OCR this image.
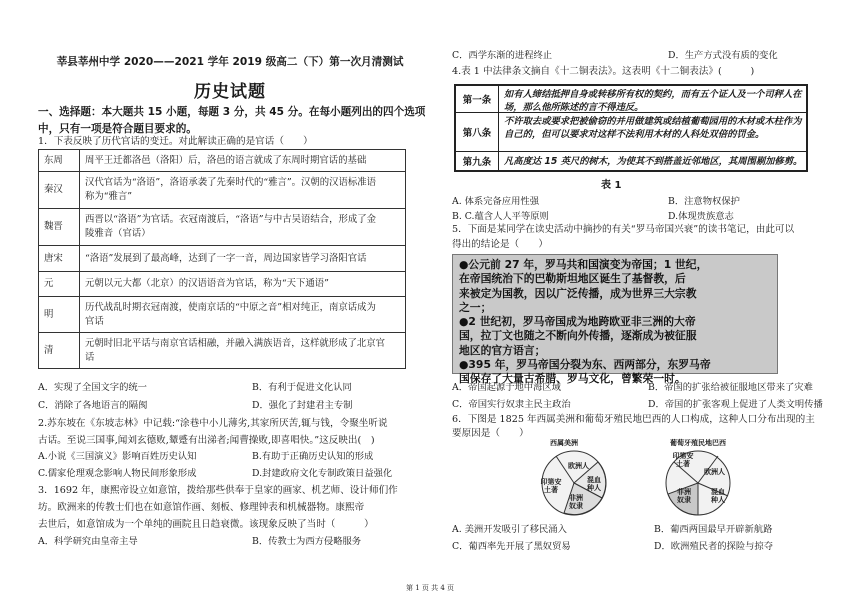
莘县莘州中学 2020——2021 学年 2019 级高二（下）第一次月清测试
历史试题
一、选择题：本大题共 15 小题，每题 3 分，共 45 分。在每小题列出的四个选项
中，只有一项是符合题目要求的。
1．下表反映了历代官话的变迁。对此解读正确的是官话（　　）
东周	周平王迁都洛邑（洛阳）后，洛邑的语言就成了东周时期官话的基础

秦汉	汉代官话为“洛语”，洛语承袭了先秦时代的“雅言”。汉朝的汉语标准语
称为“雅言”

魏晋	西晋以“洛语”为官话。衣冠南渡后，“洛语”与中古吴语结合，形成了金
陵雅音（官话）

唐宋	“洛语”发展到了最高峰，达到了一字一音，周边国家皆学习洛阳官话

元	元朝以元大都（北京）的汉语语音为官话，称为“天下通语”

明	历代战乱时期衣冠南渡，使南京话的“中原之音”相对纯正，南京话成为
官话

清	元朝时旧北平话与南京官话相融，并融入满族语音，这样就形成了北京官
话
A．实现了全国文字的统一	B．有利于促进文化认同
C．消除了各地语言的隔阂	D．强化了封建君主专制
2.苏东坡在《东坡志林》中记载:“涂巷中小儿薄劣,其家所厌苦,辄与钱，令聚坐听说
古话。至说三国事,闻刘玄德败,颦蹙有出涕者;闻曹操败,即喜唱快。”这反映出(　)
A.小说《三国演义》影响百姓历史认知	B.有助于正确历史认知的形成
C.儒家伦理观念影响人物民间形象形成	D.封建政府文化专制政策日益强化
3．1692 年，康熙帝设立如意馆，拨给那些供奉于皇家的画家、机艺师、设计师们作
坊。欧洲来的传教士们也在如意馆作画、刻板、修理钟表和机械器物。康熙帝
去世后，如意馆成为一个单纯的画院且日趋衰微。该现象反映了当时（　　　）
A．科学研究由皇帝主导	B．传教士为西方侵略服务
C．西学东渐的进程终止	D．生产方式没有质的变化
4.表 1 中法律条文摘自《十二铜表法》。这表明《十二铜表法》(　　　)
第一条
如有人缔结抵押自身或转移所有权的契约，而有五个证人及一个司秤人在场，那么他所陈述的言不得违反。
第八条
不许取去或要求把被偷窃的并用做建筑或结植葡萄园用的木材或木柱作为自己的，但可以要求对这样不法利用木材的人科处双倍的罚金。
第九条	凡高度达 15 英尺的树木，为使其不到搭盖近邻地区，其周围剔加修剪。
表 1
A. 体系完备应用性强	B．注意物权保护
B. C.蕴含人人平等原则	D.体现贵族意志
5．下面是某同学在读史活动中摘抄的有关“罗马帝国兴衰”的读书笔记，由此可以
得出的结论是（　　）
●公元前 27 年，罗马共和国演变为帝国；1 世纪，
在帝国统治下的巴勒斯坦地区诞生了基督教，后
来被定为国教，因以广泛传播，成为世界三大宗教
之一；
●2 世纪初，罗马帝国成为地跨欧亚非三洲的大帝
国，拉丁文也随之不断向外传播，逐渐成为被征服
地区的官方语言；
●395 年，罗马帝国分裂为东、西两部分，东罗马帝
国保存了大量古希腊、罗马文化，曾繁荣一时。
A．帝国起源于地中海区域	B．帝国的扩张给被征服地区带来了灾难
C．帝国实行奴隶主民主政治	D．帝国的扩张客观上促进了人类文明传播
6．下图是 1825 年西属美洲和葡萄牙殖民地巴西的人口构成，这种人口分布出现的主
要原因是（　　）
西属美洲	葡萄牙殖民地巴西
欧洲人
印第安土著
混血种人
非洲奴隶
印第安土著
欧洲人
非洲奴隶
混血种人
A. 美洲开发吸引了移民涌入	B．葡西两国最早开辟新航路
C．葡西率先开展了黑奴贸易	D．欧洲殖民者的探险与掠夺
第 1 页 共 4 页
